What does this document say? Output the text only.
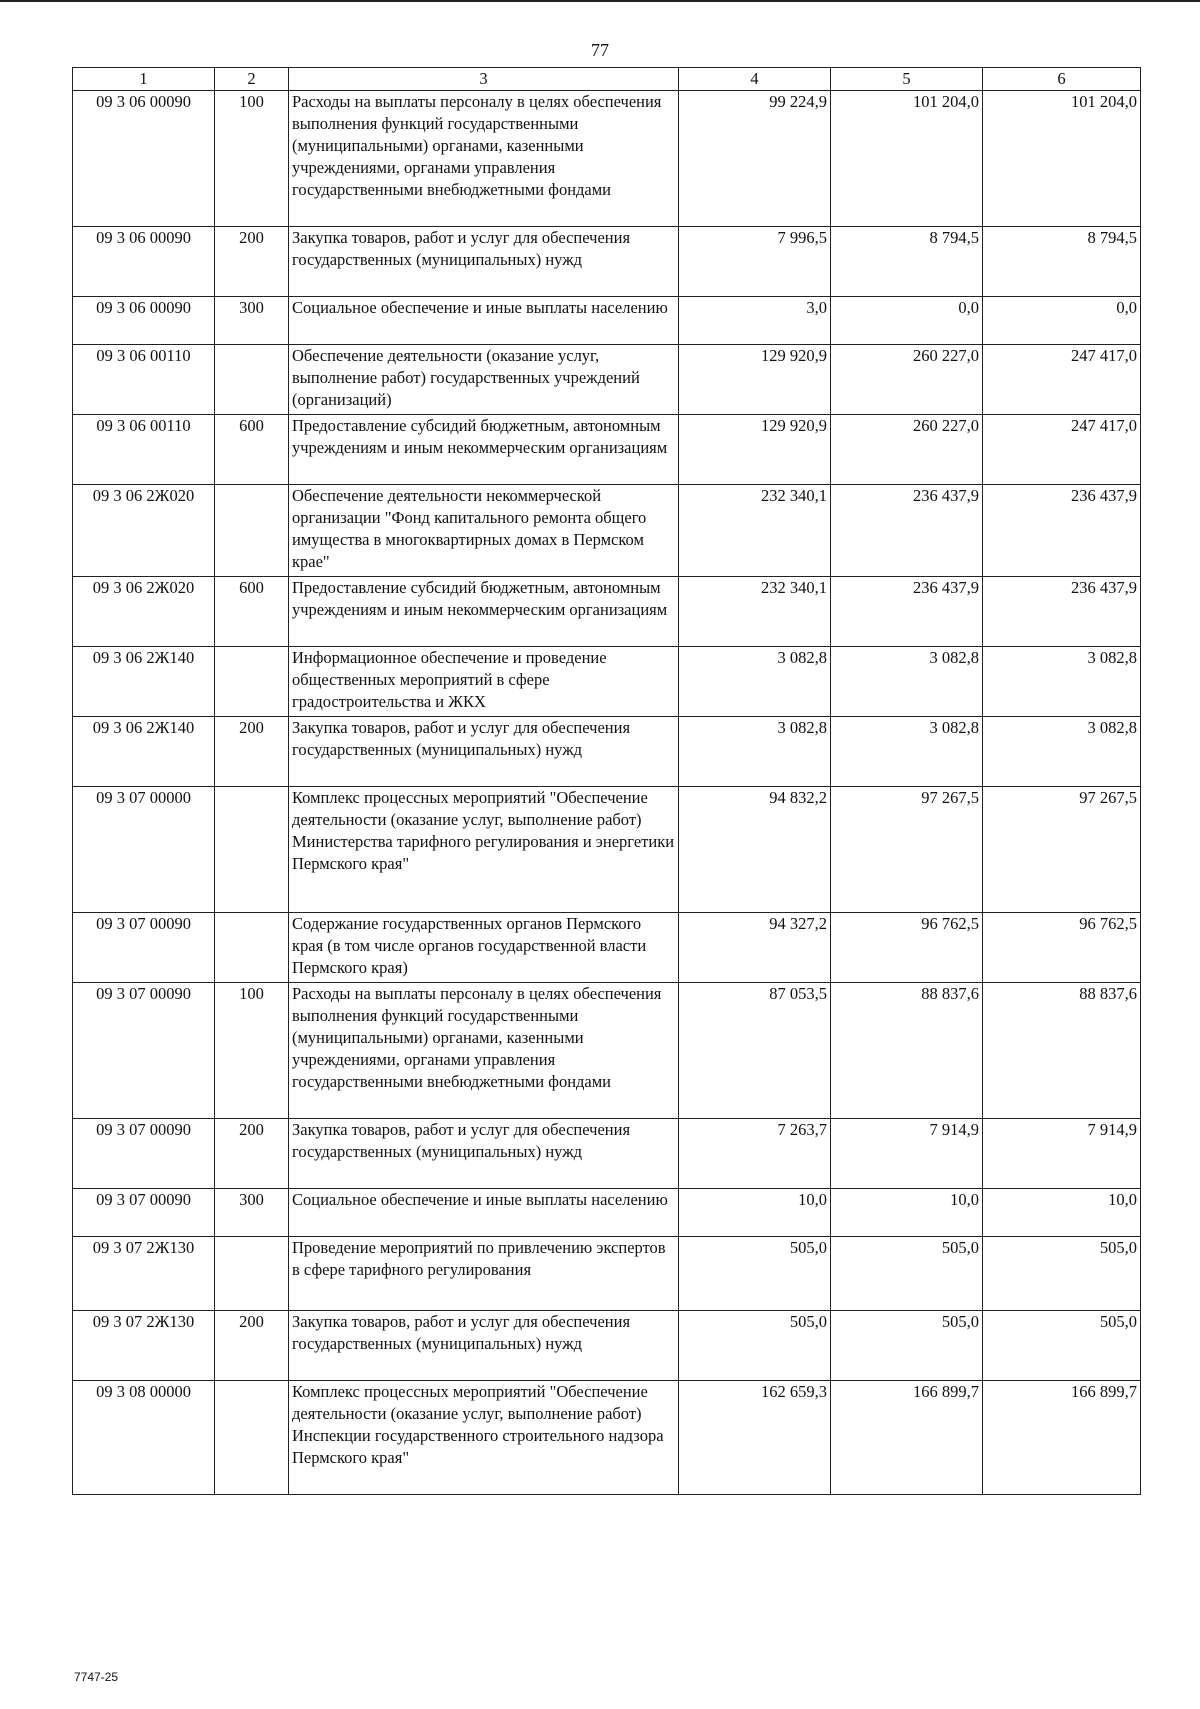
77
1	2	3	4	5	6
09 3 06 00090	100	Расходы на выплаты персоналу в целях обеспечения выполнения функций государственными (муниципальными) органами, казенными учреждениями, органами управления государственными внебюджетными фондами	99 224,9	101 204,0	101 204,0
09 3 06 00090	200	Закупка товаров, работ и услуг для обеспечения государственных (муниципальных) нужд	7 996,5	8 794,5	8 794,5
09 3 06 00090	300	Социальное обеспечение и иные выплаты населению	3,0	0,0	0,0
09 3 06 00110		Обеспечение деятельности (оказание услуг, выполнение работ) государственных учреждений (организаций)	129 920,9	260 227,0	247 417,0
09 3 06 00110	600	Предоставление субсидий бюджетным, автономным учреждениям и иным некоммерческим организациям	129 920,9	260 227,0	247 417,0
09 3 06 2Ж020		Обеспечение деятельности некоммерческой организации "Фонд капитального ремонта общего имущества в многоквартирных домах в Пермском крае"	232 340,1	236 437,9	236 437,9
09 3 06 2Ж020	600	Предоставление субсидий бюджетным, автономным учреждениям и иным некоммерческим организациям	232 340,1	236 437,9	236 437,9
09 3 06 2Ж140		Информационное обеспечение и проведение общественных мероприятий в сфере градостроительства и ЖКХ	3 082,8	3 082,8	3 082,8
09 3 06 2Ж140	200	Закупка товаров, работ и услуг для обеспечения государственных (муниципальных) нужд	3 082,8	3 082,8	3 082,8
09 3 07 00000		Комплекс процессных мероприятий "Обеспечение деятельности (оказание услуг, выполнение работ) Министерства тарифного регулирования и энергетики Пермского края"	94 832,2	97 267,5	97 267,5
09 3 07 00090		Содержание государственных органов Пермского края (в том числе органов государственной власти Пермского края)	94 327,2	96 762,5	96 762,5
09 3 07 00090	100	Расходы на выплаты персоналу в целях обеспечения выполнения функций государственными (муниципальными) органами, казенными учреждениями, органами управления государственными внебюджетными фондами	87 053,5	88 837,6	88 837,6
09 3 07 00090	200	Закупка товаров, работ и услуг для обеспечения государственных (муниципальных) нужд	7 263,7	7 914,9	7 914,9
09 3 07 00090	300	Социальное обеспечение и иные выплаты населению	10,0	10,0	10,0
09 3 07 2Ж130		Проведение мероприятий по привлечению экспертов в сфере тарифного регулирования	505,0	505,0	505,0
09 3 07 2Ж130	200	Закупка товаров, работ и услуг для обеспечения государственных (муниципальных) нужд	505,0	505,0	505,0
09 3 08 00000		Комплекс процессных мероприятий "Обеспечение деятельности (оказание услуг, выполнение работ) Инспекции государственного строительного надзора Пермского края"	162 659,3	166 899,7	166 899,7
7747-25
